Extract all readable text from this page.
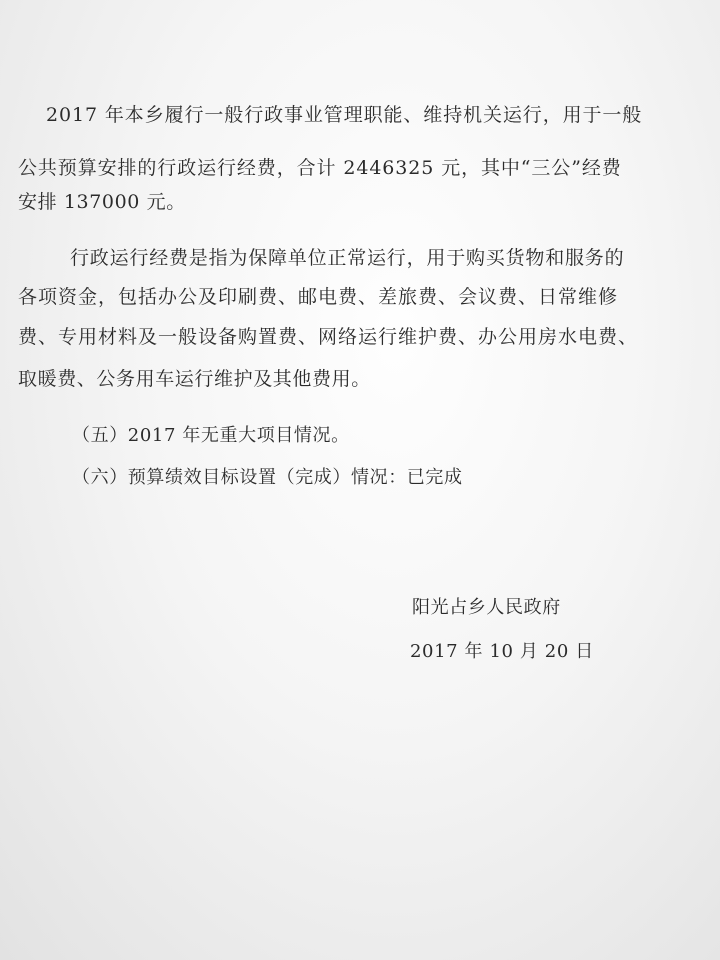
2017 年本乡履行一般行政事业管理职能、维持机关运行，用于一般
公共预算安排的行政运行经费，合计 2446325 元，其中“三公”经费
安排 137000 元。
行政运行经费是指为保障单位正常运行，用于购买货物和服务的
各项资金，包括办公及印刷费、邮电费、差旅费、会议费、日常维修
费、专用材料及一般设备购置费、网络运行维护费、办公用房水电费、
取暖费、公务用车运行维护及其他费用。
（五）2017 年无重大项目情况。
（六）预算绩效目标设置（完成）情况：已完成
阳光占乡人民政府
2017 年 10 月 20 日
